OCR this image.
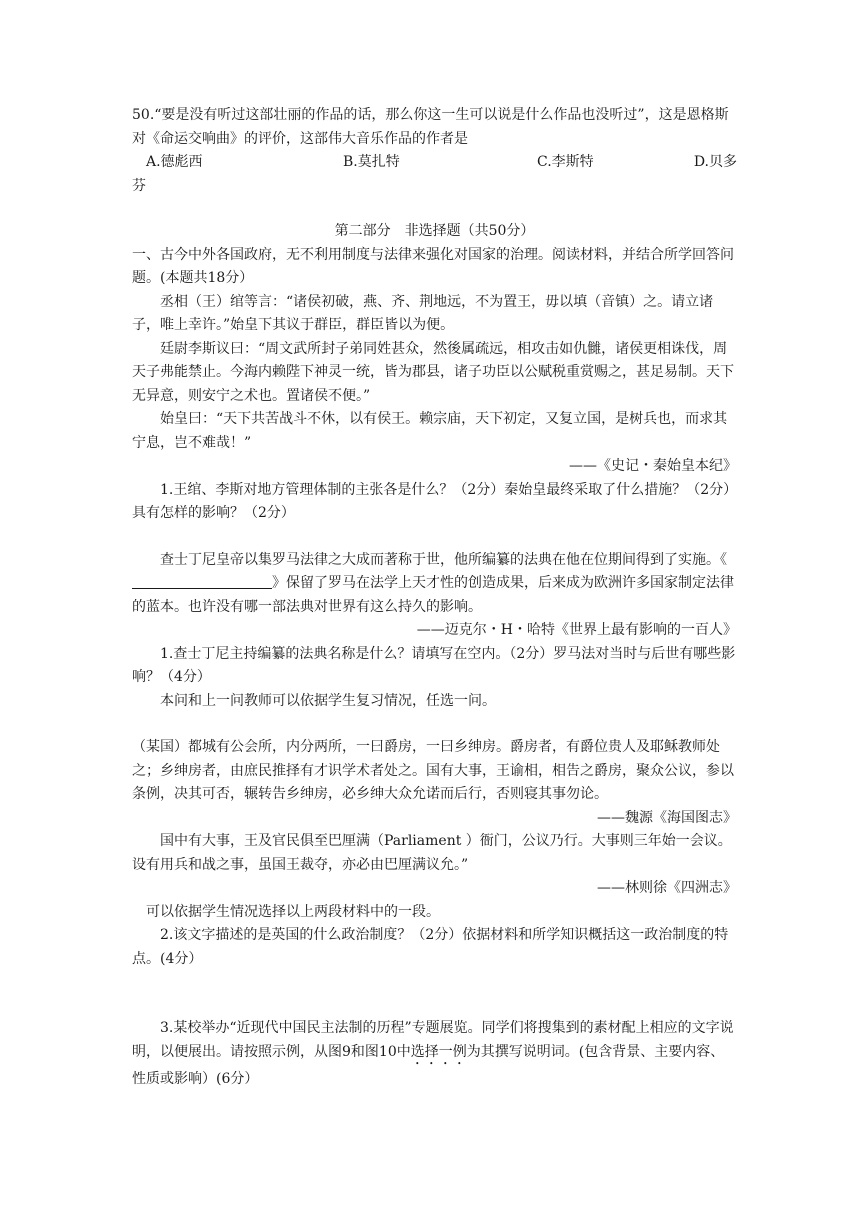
50.“要是没有听过这部壮丽的作品的话，那么你这一生可以说是什么作品也没听过”，这是恩格斯对《命运交响曲》的评价，这部伟大音乐作品的作者是

A.德彪西	B.莫扎特	C.李斯特	D.贝多

芬

第二部分　非选择题（共50分）

一、古今中外各国政府，无不利用制度与法律来强化对国家的治理。阅读材料，并结合所学回答问题。(本题共18分）

丞相（王）绾等言：“诸侯初破，燕、齐、荆地远，不为置王，毋以填（音镇）之。请立诸子，唯上幸许。”始皇下其议于群臣，群臣皆以为便。

廷尉李斯议曰：“周文武所封子弟同姓甚众，然後属疏远，相攻击如仇雠，诸侯更相诛伐，周天子弗能禁止。今海内赖陛下神灵一统，皆为郡县，诸子功臣以公赋税重赏赐之，甚足易制。天下无异意，则安宁之术也。置诸侯不便。”

始皇曰：“天下共苦战斗不休，以有侯王。赖宗庙，天下初定，又复立国，是树兵也，而求其宁息，岂不难哉！”

——《史记・秦始皇本纪》

1.王绾、李斯对地方管理体制的主张各是什么？（2分）秦始皇最终采取了什么措施？（2分）具有怎样的影响？（2分）

查士丁尼皇帝以集罗马法律之大成而著称于世，他所编纂的法典在他在位期间得到了实施。《》保留了罗马在法学上天才性的创造成果，后来成为欧洲许多国家制定法律的蓝本。也许没有哪一部法典对世界有这么持久的影响。

——迈克尔・H・哈特《世界上最有影响的一百人》

1.查士丁尼主持编纂的法典名称是什么？请填写在空内。（2分）罗马法对当时与后世有哪些影响？（4分）

本问和上一问教师可以依据学生复习情况，任选一问。

（某国）都城有公会所，内分两所，一曰爵房，一曰乡绅房。爵房者，有爵位贵人及耶稣教师处之；乡绅房者，由庶民推择有才识学术者处之。国有大事，王谕相，相告之爵房，聚众公议，参以条例，决其可否，辗转告乡绅房，必乡绅大众允诺而后行，否则寝其事勿论。

——魏源《海国图志》

国中有大事，王及官民俱至巴厘满（Parliament ）衙门，公议乃行。大事则三年始一会议。设有用兵和战之事，虽国王裁夺，亦必由巴厘满议允。”

——林则徐《四洲志》

可以依据学生情况选择以上两段材料中的一段。

2.该文字描述的是英国的什么政治制度？（2分）依据材料和所学知识概括这一政治制度的特点。(4分）

3.某校举办“近现代中国民主法制的历程”专题展览。同学们将搜集到的素材配上相应的文字说明，以便展出。请按照示例，从图9和图10中选择一例为其撰写说明词。(包含背景、主要内容、性质或影响）(6分）
